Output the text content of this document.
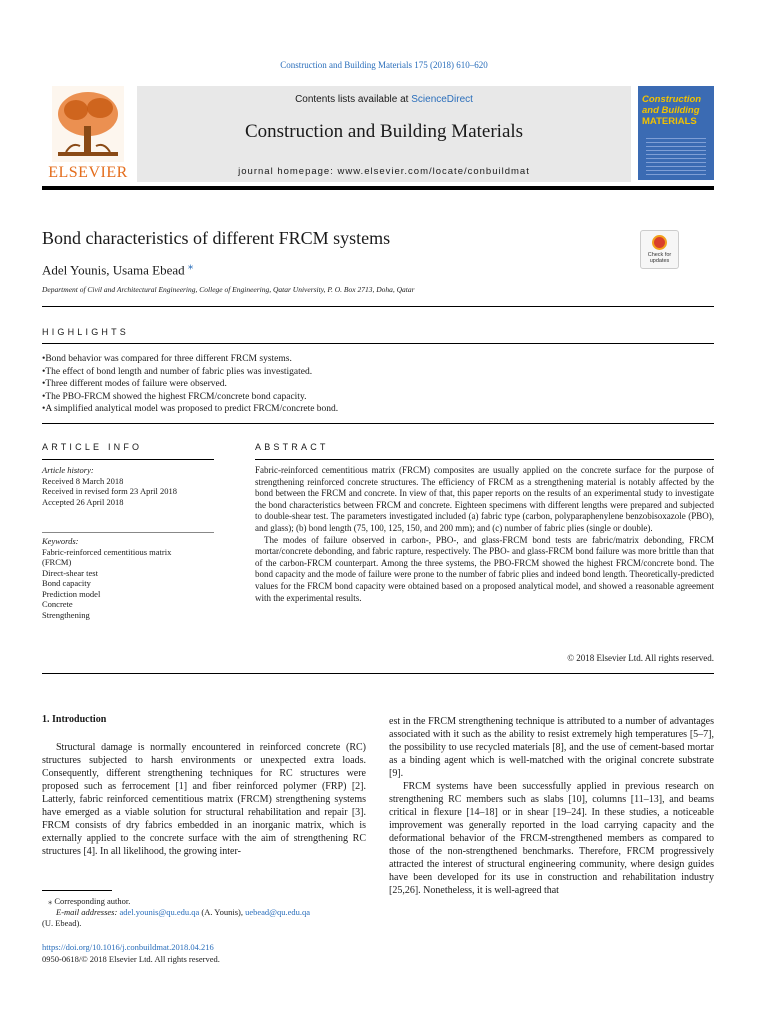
Construction and Building Materials 175 (2018) 610–620
ELSEVIER
Contents lists available at ScienceDirect
Construction and Building Materials
journal homepage: www.elsevier.com/locate/conbuildmat
Construction
and Building
MATERIALS
Bond characteristics of different FRCM systems
Check for
updates
Adel Younis, Usama Ebead ⁎
Department of Civil and Architectural Engineering, College of Engineering, Qatar University, P. O. Box 2713, Doha, Qatar
HIGHLIGHTS
• Bond behavior was compared for three different FRCM systems.
• The effect of bond length and number of fabric plies was investigated.
• Three different modes of failure were observed.
• The PBO-FRCM showed the highest FRCM/concrete bond capacity.
• A simplified analytical model was proposed to predict FRCM/concrete bond.
ARTICLE INFO
Article history:
Received 8 March 2018
Received in revised form 23 April 2018
Accepted 26 April 2018
Keywords:
Fabric-reinforced cementitious matrix
(FRCM)
Direct-shear test
Bond capacity
Prediction model
Concrete
Strengthening
ABSTRACT

Fabric-reinforced cementitious matrix (FRCM) composites are usually applied on the concrete surface for the purpose of strengthening reinforced concrete structures. The efficiency of FRCM as a strengthening material is notably affected by the bond between the FRCM and concrete. In view of that, this paper reports on the results of an experimental study to investigate the bond characteristics between FRCM and concrete. Eighteen specimens with different lengths were prepared and subjected to double-shear test. The parameters investigated included (a) fabric type (carbon, polyparaphenylene benzobisoxazole (PBO), and glass); (b) bond length (75, 100, 125, 150, and 200 mm); and (c) number of fabric plies (single or double).

The modes of failure observed in carbon-, PBO-, and glass-FRCM bond tests are fabric/matrix debonding, FRCM mortar/concrete debonding, and fabric rapture, respectively. The PBO- and glass-FRCM bond failure was more brittle than that of the carbon-FRCM counterpart. Among the three systems, the PBO-FRCM showed the highest FRCM/concrete bond. The bond capacity and the mode of failure were prone to the number of fabric plies and indeed bond length. Theoretically-predicted values for the FRCM bond capacity were obtained based on a proposed analytical model, and showed a reasonable agreement with the experimental results.

© 2018 Elsevier Ltd. All rights reserved.
1. Introduction

Structural damage is normally encountered in reinforced concrete (RC) structures subjected to harsh environments or unexpected extra loads. Consequently, different strengthening techniques for RC structures were proposed such as ferrocement [1] and fiber reinforced polymer (FRP) [2]. Latterly, fabric reinforced cementitious matrix (FRCM) strengthening systems have emerged as a viable solution for structural rehabilitation and repair [3]. FRCM consists of dry fabrics embedded in an inorganic matrix, which is externally applied to the concrete surface with the aim of strengthening RC structures [4]. In all likelihood, the growing inter-

est in the FRCM strengthening technique is attributed to a number of advantages associated with it such as the ability to resist extremely high temperatures [5–7], the possibility to use recycled materials [8], and the use of cement-based mortar as a binding agent which is well-matched with the original concrete substrate [9].

FRCM systems have been successfully applied in previous research on strengthening RC members such as slabs [10], columns [11–13], and beams critical in flexure [14–18] or in shear [19–24]. In these studies, a noticeable improvement was generally reported in the load carrying capacity and the deformational behavior of the FRCM-strengthened members as compared to those of the non-strengthened benchmarks. Therefore, FRCM progressively attracted the interest of structural engineering community, where design guides have been developed for its use in construction and rehabilitation industry [25,26]. Nonetheless, it is well-agreed that

⁎ Corresponding author.
E-mail addresses: adel.younis@qu.edu.qa (A. Younis), uebead@qu.edu.qa
(U. Ebead).
https://doi.org/10.1016/j.conbuildmat.2018.04.216
0950-0618/© 2018 Elsevier Ltd. All rights reserved.
